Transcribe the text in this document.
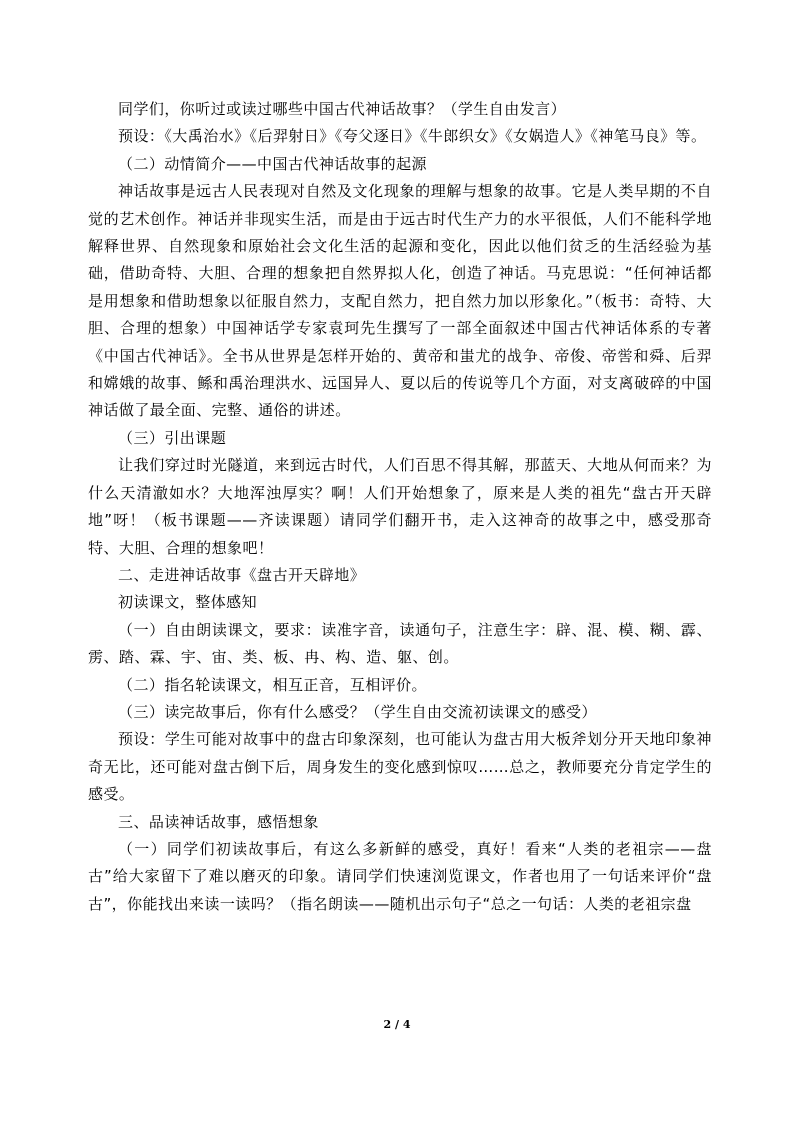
同学们，你听过或读过哪些中国古代神话故事？（学生自由发言）

预设：《大禹治水》《后羿射日》《夸父逐日》《牛郎织女》《女娲造人》《神笔马良》等。

（二）动情简介——中国古代神话故事的起源

神话故事是远古人民表现对自然及文化现象的理解与想象的故事。它是人类早期的不自觉的艺术创作。神话并非现实生活，而是由于远古时代生产力的水平很低，人们不能科学地解释世界、自然现象和原始社会文化生活的起源和变化，因此以他们贫乏的生活经验为基础，借助奇特、大胆、合理的想象把自然界拟人化，创造了神话。马克思说：“任何神话都是用想象和借助想象以征服自然力，支配自然力，把自然力加以形象化。”（板书：奇特、大胆、合理的想象）中国神话学专家袁珂先生撰写了一部全面叙述中国古代神话体系的专著《中国古代神话》。全书从世界是怎样开始的、黄帝和蚩尤的战争、帝俊、帝喾和舜、后羿和嫦娥的故事、鲧和禹治理洪水、远国异人、夏以后的传说等几个方面，对支离破碎的中国神话做了最全面、完整、通俗的讲述。

（三）引出课题

让我们穿过时光隧道，来到远古时代，人们百思不得其解，那蓝天、大地从何而来？为什么天清澈如水？大地浑浊厚实？啊！人们开始想象了，原来是人类的祖先“盘古开天辟地”呀！（板书课题——齐读课题）请同学们翻开书，走入这神奇的故事之中，感受那奇特、大胆、合理的想象吧！

二、走进神话故事《盘古开天辟地》

初读课文，整体感知

（一）自由朗读课文，要求：读准字音，读通句子，注意生字：辟、混、模、糊、霹、雳、踏、霖、宇、宙、类、板、冉、构、造、躯、创。

（二）指名轮读课文，相互正音，互相评价。

（三）读完故事后，你有什么感受？（学生自由交流初读课文的感受）

预设：学生可能对故事中的盘古印象深刻，也可能认为盘古用大板斧划分开天地印象神奇无比，还可能对盘古倒下后，周身发生的变化感到惊叹……总之，教师要充分肯定学生的感受。

三、品读神话故事，感悟想象

（一）同学们初读故事后，有这么多新鲜的感受，真好！看来“人类的老祖宗——盘古”给大家留下了难以磨灭的印象。请同学们快速浏览课文，作者也用了一句话来评价“盘古”，你能找出来读一读吗？（指名朗读——随机出示句子“总之一句话：人类的老祖宗盘

2 / 4
